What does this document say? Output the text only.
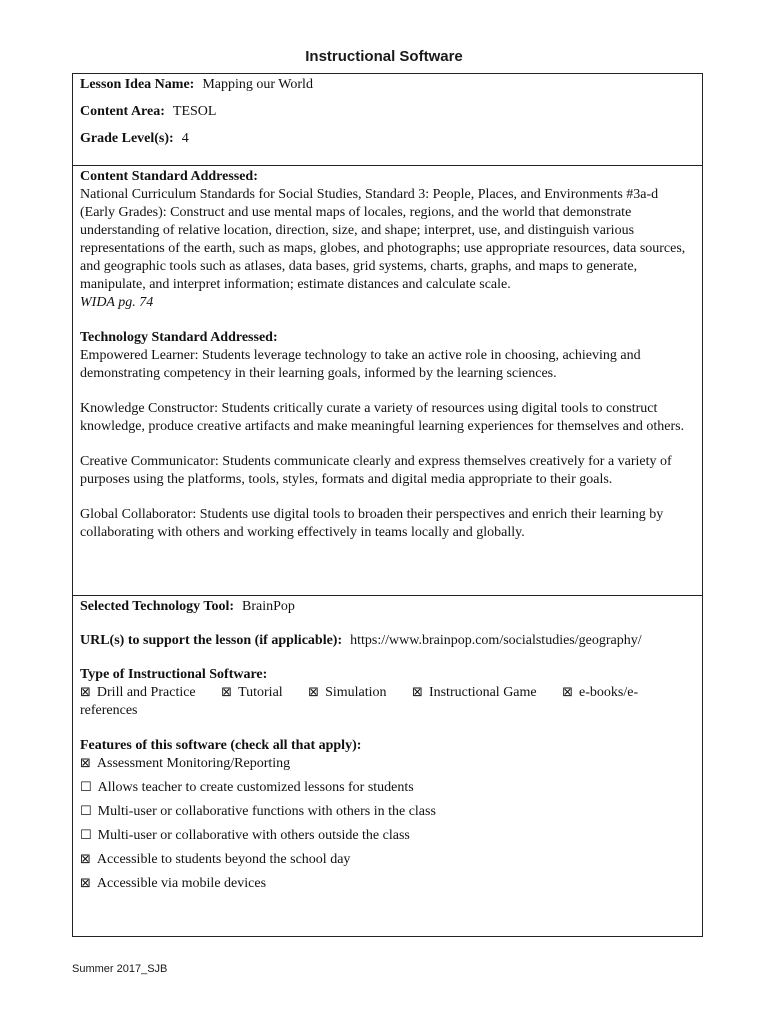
Instructional Software

Lesson Idea Name: Mapping our World

Content Area: TESOL

Grade Level(s): 4

Content Standard Addressed:

National Curriculum Standards for Social Studies, Standard 3: People, Places, and Environments #3a-d (Early Grades): Construct and use mental maps of locales, regions, and the world that demonstrate understanding of relative location, direction, size, and shape; interpret, use, and distinguish various representations of the earth, such as maps, globes, and photographs; use appropriate resources, data sources, and geographic tools such as atlases, data bases, grid systems, charts, graphs, and maps to generate, manipulate, and interpret information; estimate distances and calculate scale.

WIDA pg. 74

Technology Standard Addressed:

Empowered Learner: Students leverage technology to take an active role in choosing, achieving and demonstrating competency in their learning goals, informed by the learning sciences.

Knowledge Constructor: Students critically curate a variety of resources using digital tools to construct knowledge, produce creative artifacts and make meaningful learning experiences for themselves and others.

Creative Communicator: Students communicate clearly and express themselves creatively for a variety of purposes using the platforms, tools, styles, formats and digital media appropriate to their goals.

Global Collaborator: Students use digital tools to broaden their perspectives and enrich their learning by collaborating with others and working effectively in teams locally and globally.

Selected Technology Tool: BrainPop

URL(s) to support the lesson (if applicable): https://www.brainpop.com/socialstudies/geography/

Type of Instructional Software:

⊠ Drill and Practice ⊠ Tutorial ⊠ Simulation ⊠ Instructional Game ⊠ e-books/e-references

Features of this software (check all that apply):

⊠ Assessment Monitoring/Reporting
☐ Allows teacher to create customized lessons for students
☐ Multi-user or collaborative functions with others in the class
☐ Multi-user or collaborative with others outside the class
⊠ Accessible to students beyond the school day
⊠ Accessible via mobile devices
Summer 2017_SJB
